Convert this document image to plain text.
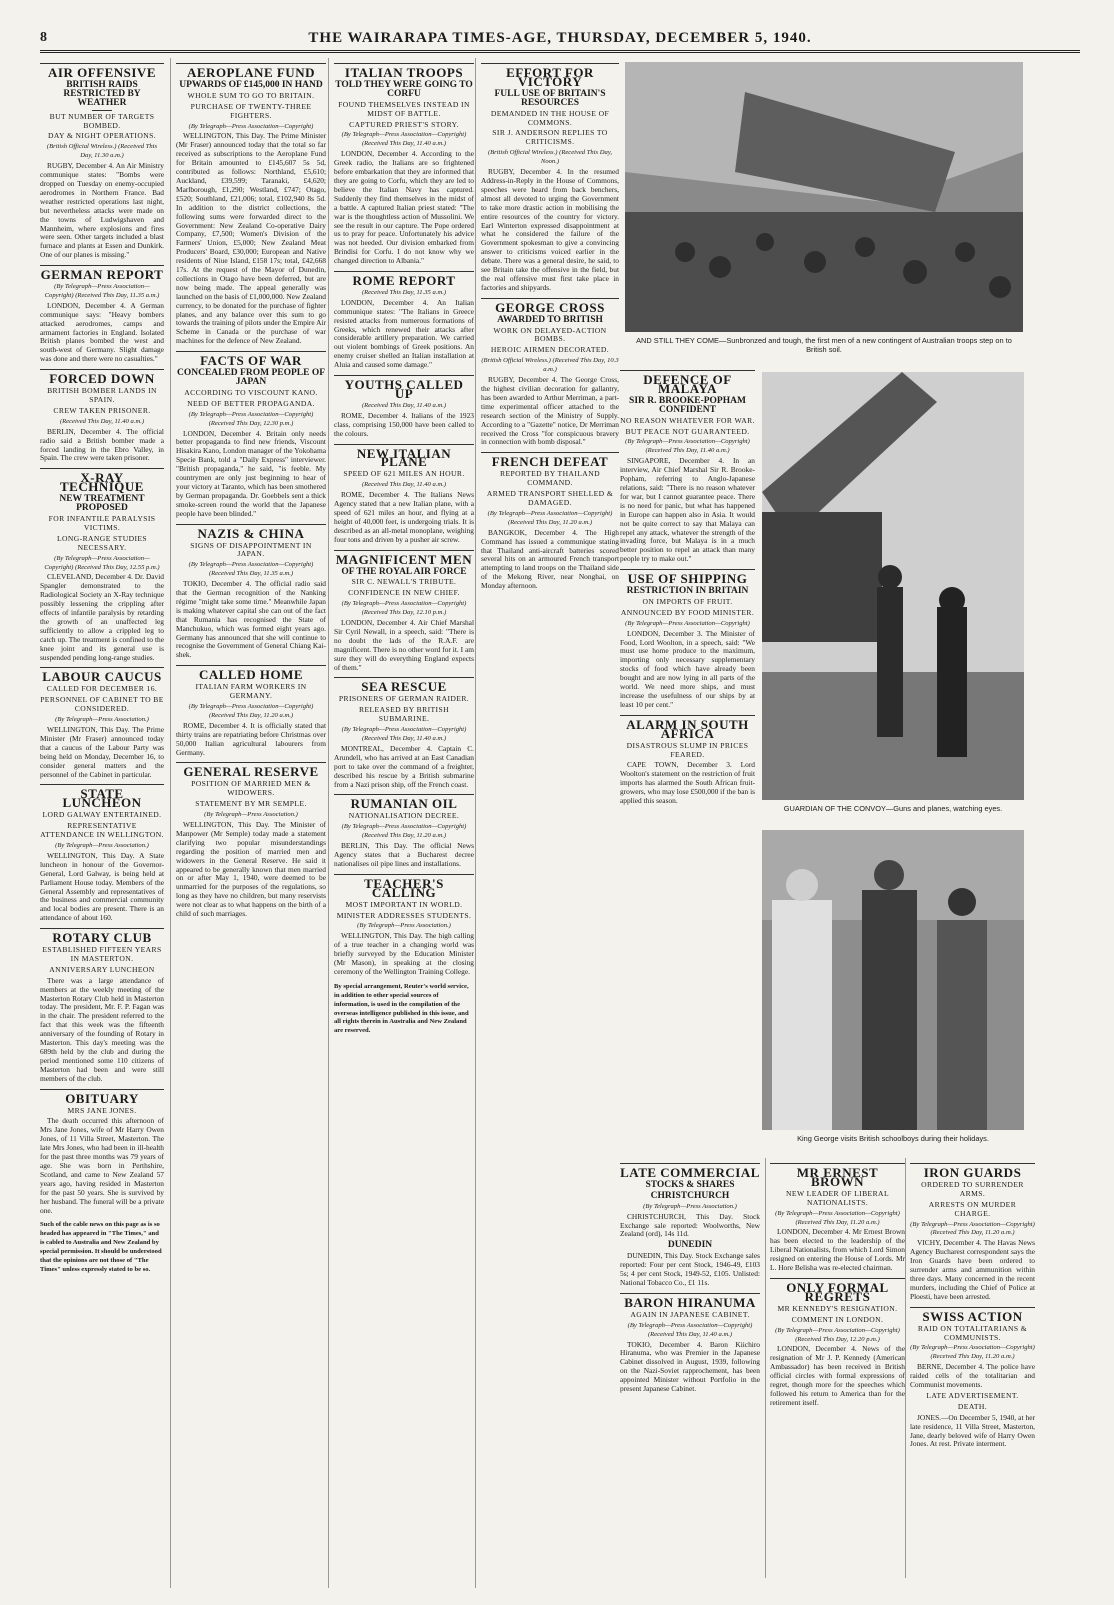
8	THE WAIRARAPA TIMES-AGE, THURSDAY, DECEMBER 5, 1940.
AIR OFFENSIVE
BRITISH RAIDS RESTRICTED BY WEATHER
BUT NUMBER OF TARGETS BOMBED.
DAY & NIGHT OPERATIONS.
(British Official Wireless.) (Received This Day, 11.30 a.m.)

RUGBY, December 4. An Air Ministry communique states: "Bombs were dropped on Tuesday on enemy-occupied aerodromes in Northern France. Bad weather restricted operations last night, but nevertheless attacks were made on the towns of Ludwigshaven and Mannheim, where explosions and fires were seen. Other targets included a blast furnace and plants at Essen and Dunkirk. One of our planes is missing."

GERMAN REPORT
(By Telegraph—Press Association—Copyright) (Received This Day, 11.35 a.m.)

LONDON, December 4. A German communique says: "Heavy bombers attacked aerodromes, camps and armament factories in England. Isolated British planes bombed the west and south-west of Germany. Slight damage was done and there were no casualties."

FORCED DOWN
BRITISH BOMBER LANDS IN SPAIN.
CREW TAKEN PRISONER.
(Received This Day, 11.40 a.m.)

BERLIN, December 4. The official radio said a British bomber made a forced landing in the Ebro Valley, in Spain. The crew were taken prisoner.

X-RAY TECHNIQUE
NEW TREATMENT PROPOSED
FOR INFANTILE PARALYSIS VICTIMS.
LONG-RANGE STUDIES NECESSARY.
(By Telegraph—Press Association—Copyright) (Received This Day, 12.55 p.m.)

CLEVELAND, December 4. Dr. David Spangler demonstrated to the Radiological Society an X-Ray technique possibly lessening the crippling after effects of infantile paralysis by retarding the growth of an unaffected leg sufficiently to allow a crippled leg to catch up. The treatment is confined to the knee joint and its general use is suspended pending long-range studies.

LABOUR CAUCUS
CALLED FOR DECEMBER 16.
PERSONNEL OF CABINET TO BE CONSIDERED.
(By Telegraph—Press Association.)

WELLINGTON, This Day. The Prime Minister (Mr Fraser) announced today that a caucus of the Labour Party was being held on Monday, December 16, to consider general matters and the personnel of the Cabinet in particular.

STATE LUNCHEON
LORD GALWAY ENTERTAINED.
REPRESENTATIVE ATTENDANCE IN WELLINGTON.
(By Telegraph—Press Association.)

WELLINGTON, This Day. A State luncheon in honour of the Governor-General, Lord Galway, is being held at Parliament House today. Members of the General Assembly and representatives of the business and commercial community and local bodies are present. There is an attendance of about 160.

ROTARY CLUB
ESTABLISHED FIFTEEN YEARS IN MASTERTON.
ANNIVERSARY LUNCHEON

There was a large attendance of members at the weekly meeting of the Masterton Rotary Club held in Masterton today. The president, Mr. F. P. Fagan was in the chair. The president referred to the fact that this week was the fifteenth anniversary of the founding of Rotary in Masterton. This day's meeting was the 689th held by the club and during the period mentioned some 110 citizens of Masterton had been and were still members of the club.

OBITUARY
MRS JANE JONES.

The death occurred this afternoon of Mrs Jane Jones, wife of Mr Harry Owen Jones, of 11 Villa Street, Masterton. The late Mrs Jones, who had been in ill-health for the past three months was 79 years of age. She was born in Perthshire, Scotland, and came to New Zealand 57 years ago, having resided in Masterton for the past 50 years. She is survived by her husband. The funeral will be a private one.

Such of the cable news on this page as is so headed has appeared in "The Times," and is cabled to Australia and New Zealand by special permission. It should be understood that the opinions are not those of "The Times" unless expressly stated to be so.
AEROPLANE FUND
UPWARDS OF £145,000 IN HAND
WHOLE SUM TO GO TO BRITAIN.
PURCHASE OF TWENTY-THREE FIGHTERS.
(By Telegraph—Press Association—Copyright)

WELLINGTON, This Day. The Prime Minister (Mr Fraser) announced today that the total so far received as subscriptions to the Aeroplane Fund for Britain amounted to £145,607 5s 5d, contributed as follows: Northland, £5,610; Auckland, £39,599; Taranaki, £4,620; Marlborough, £1,290; Westland, £747; Otago, £520; Southland, £21,006; total, £102,940 8s 5d. In addition to the district collections, the following sums were forwarded direct to the Government: New Zealand Co-operative Dairy Company, £7,500; Women's Division of the Farmers' Union, £5,000; New Zealand Meat Producers' Board, £30,000; European and Native residents of Niue Island, £158 17s; total, £42,668 17s. At the request of the Mayor of Dunedin, collections in Otago have been deferred, but are now being made. The appeal generally was launched on the basis of £1,000,000. New Zealand currency, to be donated for the purchase of fighter planes, and any balance over this sum to go towards the training of pilots under the Empire Air Scheme in Canada or the purchase of war machines for the defence of New Zealand.

FACTS OF WAR
CONCEALED FROM PEOPLE OF JAPAN
ACCORDING TO VISCOUNT KANO.
NEED OF BETTER PROPAGANDA.
(By Telegraph—Press Association—Copyright) (Received This Day, 12.30 p.m.)

LONDON, December 4. Britain only needs better propaganda to find new friends, Viscount Hisakira Kano, London manager of the Yokohama Specie Bank, told a "Daily Express" interviewer. "British propaganda," he said, "is feeble. My countrymen are only just beginning to hear of your victory at Taranto, which has been smothered by German propaganda. Dr. Goebbels sent a thick smoke-screen round the world that the Japanese people have been blinded."

NAZIS & CHINA
SIGNS OF DISAPPOINTMENT IN JAPAN.
(By Telegraph—Press Association—Copyright) (Received This Day, 11.35 a.m.)

TOKIO, December 4. The official radio said that the German recognition of the Nanking régime "might take some time." Meanwhile Japan is making whatever capital she can out of the fact that Rumania has recognised the State of Manchukuo, which was formed eight years ago. Germany has announced that she will continue to recognise the Government of General Chiang Kai-shek.

CALLED HOME
ITALIAN FARM WORKERS IN GERMANY.
(By Telegraph—Press Association—Copyright) (Received This Day, 11.20 a.m.)

ROME, December 4. It is officially stated that thirty trains are repatriating before Christmas over 50,000 Italian agricultural labourers from Germany.

GENERAL RESERVE
POSITION OF MARRIED MEN & WIDOWERS.
STATEMENT BY MR SEMPLE.
(By Telegraph—Press Association.)

WELLINGTON, This Day. The Minister of Manpower (Mr Semple) today made a statement clarifying two popular misunderstandings regarding the position of married men and widowers in the General Reserve. He said it appeared to be generally known that men married on or after May 1, 1940, were deemed to be unmarried for the purposes of the regulations, so long as they have no children, but many reservists were not clear as to what happens on the birth of a child of such marriages.

ITALIAN TROOPS
TOLD THEY WERE GOING TO CORFU
FOUND THEMSELVES INSTEAD IN MIDST OF BATTLE.
CAPTURED PRIEST'S STORY.
(By Telegraph—Press Association—Copyright) (Received This Day, 11.40 a.m.)

LONDON, December 4. According to the Greek radio, the Italians are so frightened before embarkation that they are informed that they are going to Corfu, which they are led to believe the Italian Navy has captured. Suddenly they find themselves in the midst of a battle. A captured Italian priest stated: "The war is the thoughtless action of Mussolini. We see the result in our capture. The Pope ordered us to pray for peace. Unfortunately his advice was not heeded. Our division embarked from Brindisi for Corfu. I do not know why we changed direction to Albania."

ROME REPORT
(Received This Day, 11.35 a.m.)

LONDON, December 4. An Italian communique states: "The Italians in Greece resisted attacks from numerous formations of Greeks, which renewed their attacks after considerable artillery preparation. We carried out violent bombings of Greek positions. An enemy cruiser shelled an Italian installation at Aluia and caused some damage."

YOUTHS CALLED UP
(Received This Day, 11.40 a.m.)

ROME, December 4. Italians of the 1923 class, comprising 150,000 have been called to the colours.

NEW ITALIAN PLANE
SPEED OF 621 MILES AN HOUR.
(Received This Day, 11.40 a.m.)

ROME, December 4. The Italians News Agency stated that a new Italian plane, with a speed of 621 miles an hour, and flying at a height of 40,000 feet, is undergoing trials. It is described as an all-metal monoplane, weighing four tons and driven by a pusher air screw.

MAGNIFICENT MEN
OF THE ROYAL AIR FORCE
SIR C. NEWALL'S TRIBUTE.
CONFIDENCE IN NEW CHIEF.
(By Telegraph—Press Association—Copyright) (Received This Day, 12.10 p.m.)

LONDON, December 4. Air Chief Marshal Sir Cyril Newall, in a speech, said: "There is no doubt the lads of the R.A.F. are magnificent. There is no other word for it. I am sure they will do everything England expects of them."

SEA RESCUE
PRISONERS OF GERMAN RAIDER.
RELEASED BY BRITISH SUBMARINE.
(By Telegraph—Press Association—Copyright) (Received This Day, 11.40 a.m.)

MONTREAL, December 4. Captain C. Arundell, who has arrived at an East Canadian port to take over the command of a freighter, described his rescue by a British submarine from a Nazi prison ship, off the French coast.

RUMANIAN OIL
NATIONALISATION DECREE.
(By Telegraph—Press Association—Copyright) (Received This Day, 11.20 a.m.)

BERLIN, This Day. The official News Agency states that a Bucharest decree nationalises oil pipe lines and installations.

TEACHER'S CALLING
MOST IMPORTANT IN WORLD.
MINISTER ADDRESSES STUDENTS.
(By Telegraph—Press Association.)

WELLINGTON, This Day. The high calling of a true teacher in a changing world was briefly surveyed by the Education Minister (Mr Mason), in speaking at the closing ceremony of the Wellington Training College.

By special arrangement, Reuter's world service, in addition to other special sources of information, is used in the compilation of the overseas intelligence published in this issue, and all rights therein in Australia and New Zealand are reserved.
EFFORT FOR VICTORY
FULL USE OF BRITAIN'S RESOURCES
DEMANDED IN THE HOUSE OF COMMONS.
SIR J. ANDERSON REPLIES TO CRITICISMS.
(British Official Wireless.) (Received This Day, Noon.)

RUGBY, December 4. In the resumed Address-in-Reply in the House of Commons, speeches were heard from back benchers, almost all devoted to urging the Government to take more drastic action in mobilising the entire resources of the country for victory. Earl Winterton expressed disappointment at what he considered the failure of the Government spokesman to give a convincing answer to criticisms voiced earlier in the debate. There was a general desire, he said, to see Britain take the offensive in the field, but the real offensive must first take place in factories and shipyards.

GEORGE CROSS
AWARDED TO BRITISH
WORK ON DELAYED-ACTION BOMBS.
HEROIC AIRMEN DECORATED.
(British Official Wireless.) (Received This Day, 10.3 a.m.)

RUGBY, December 4. The George Cross, the highest civilian decoration for gallantry, has been awarded to Arthur Merriman, a part-time experimental officer attached to the research section of the Ministry of Supply. According to a "Gazette" notice, Dr Merriman received the Cross "for conspicuous bravery in connection with bomb disposal."

FRENCH DEFEAT
REPORTED BY THAILAND COMMAND.
ARMED TRANSPORT SHELLED & DAMAGED.
(By Telegraph—Press Association—Copyright) (Received This Day, 11.20 a.m.)

BANGKOK, December 4. The High Command has issued a communique stating that Thailand anti-aircraft batteries scored several hits on an armoured French transport attempting to land troops on the Thailand side of the Mekong River, near Nonghai, on Monday afternoon.

AND STILL THEY COME—Sunbronzed and tough, the first men of a new contingent of Australian troops step on to British soil.
DEFENCE OF MALAYA
SIR R. BROOKE-POPHAM CONFIDENT
NO REASON WHATEVER FOR WAR.
BUT PEACE NOT GUARANTEED.
(By Telegraph—Press Association—Copyright) (Received This Day, 11.40 a.m.)

SINGAPORE, December 4. In an interview, Air Chief Marshal Sir R. Brooke-Popham, referring to Anglo-Japanese relations, said: "There is no reason whatever for war, but I cannot guarantee peace. There is no need for panic, but what has happened in Europe can happen also in Asia. It would not be quite correct to say that Malaya can repel any attack, whatever the strength of the invading force, but Malaya is in a much better position to repel an attack than many people try to make out."

USE OF SHIPPING
RESTRICTION IN BRITAIN
ON IMPORTS OF FRUIT.
ANNOUNCED BY FOOD MINISTER.
(By Telegraph—Press Association—Copyright)

LONDON, December 3. The Minister of Food, Lord Woolton, in a speech, said: "We must use home produce to the maximum, importing only necessary supplementary stocks of food which have already been bought and are now lying in all parts of the world. We need more ships, and must increase the usefulness of our ships by at least 10 per cent."

ALARM IN SOUTH AFRICA
DISASTROUS SLUMP IN PRICES FEARED.

CAPE TOWN, December 3. Lord Woolton's statement on the restriction of fruit imports has alarmed the South African fruit-growers, who may lose £500,000 if the ban is applied this season.

GUARDIAN OF THE CONVOY—Guns and planes, watching eyes.
King George visits British schoolboys during their holidays.
LATE COMMERCIAL
STOCKS & SHARES
CHRISTCHURCH
(By Telegraph—Press Association.)

CHRISTCHURCH, This Day. Stock Exchange sale reported: Woolworths, New Zealand (ord), 14s 11d.

DUNEDIN

DUNEDIN, This Day. Stock Exchange sales reported: Four per cent Stock, 1946-49, £103 5s; 4 per cent Stock, 1949-52, £105. Unlisted: National Tobacco Co., £1 11s.

BARON HIRANUMA
AGAIN IN JAPANESE CABINET.
(By Telegraph—Press Association—Copyright) (Received This Day, 11.40 a.m.)

TOKIO, December 4. Baron Kiichiro Hiranuma, who was Premier in the Japanese Cabinet dissolved in August, 1939, following on the Nazi-Soviet rapprochement, has been appointed Minister without Portfolio in the present Japanese Cabinet.

MR ERNEST BROWN
NEW LEADER OF LIBERAL NATIONALISTS.
(By Telegraph—Press Association—Copyright) (Received This Day, 11.20 a.m.)

LONDON, December 4. Mr Ernest Brown has been elected to the leadership of the Liberal Nationalists, from which Lord Simon resigned on entering the House of Lords. Mr L. Hore Belisha was re-elected chairman.

ONLY FORMAL REGRETS
MR KENNEDY'S RESIGNATION.
COMMENT IN LONDON.
(By Telegraph—Press Association—Copyright) (Received This Day, 12.20 p.m.)

LONDON, December 4. News of the resignation of Mr J. P. Kennedy (American Ambassador) has been received in British official circles with formal expressions of regret, though more for the speeches which followed his return to America than for the retirement itself.

IRON GUARDS
ORDERED TO SURRENDER ARMS.
ARRESTS ON MURDER CHARGE.
(By Telegraph—Press Association—Copyright) (Received This Day, 11.20 a.m.)

VICHY, December 4. The Havas News Agency Bucharest correspondent says the Iron Guards have been ordered to surrender arms and ammunition within three days. Many concerned in the recent murders, including the Chief of Police at Ploesti, have been arrested.

SWISS ACTION
RAID ON TOTALITARIANS & COMMUNISTS.
(By Telegraph—Press Association—Copyright) (Received This Day, 11.20 a.m.)

BERNE, December 4. The police have raided cells of the totalitarian and Communist movements.

LATE ADVERTISEMENT.
DEATH.

JONES.—On December 5, 1940, at her late residence, 11 Villa Street, Masterton, Jane, dearly beloved wife of Harry Owen Jones. At rest. Private interment.
